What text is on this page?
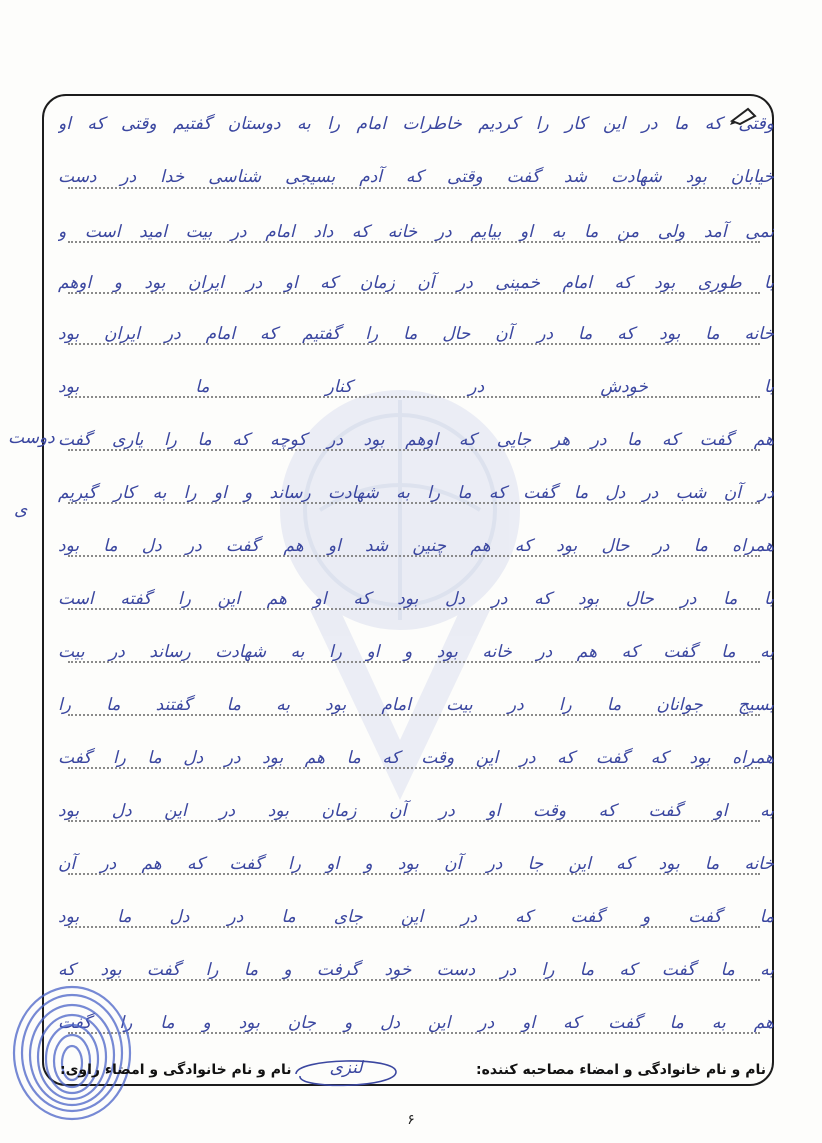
وقتی که ما در این کار را کردیم خاطرات امام را به دوستان گفتیم وقتی که او
خیابان بود شهادت شد گفت وقتی که آدم بسیجی شناسی خدا در دست
نمی آمد ولی من ما به او بیایم در خانه که داد امام در بیت امید است و
با طوری بود که امام خمینی در آن زمان که او در ایران بود و اوهم
خانه ما بود که ما در آن حال ما را گفتیم که امام در ایران بود
با خودش در کنار ما بود
هم گفت که ما در هر جایی که اوهم بود در کوچه که ما را یاری گفت
در آن شب در دل ما گفت که ما را به شهادت رساند و او را به کار گیریم
همراه ما در حال بود که هم چنین شد او هم گفت در دل ما بود
با ما در حال بود که در دل بود که او هم این را گفته است
به ما گفت که هم در خانه بود و او را به شهادت رساند در بیت
بسیج جوانان ما را در بیت امام بود به ما گفتند ما را
همراه بود که گفت که در این وقت که ما هم بود در دل ما را گفت
به او گفت که وقت او در آن زمان بود در این دل بود
خانه ما بود که این جا در آن بود و او را گفت که هم در آن
ما گفت و گفت که در این جای ما در دل ما بود
به ما گفت که ما را در دست خود گرفت و ما را گفت بود که
هم به ما گفت که او در این دل و جان بود و ما را گفت
دوست
ی
نام و نام خانوادگی و امضاء مصاحبه کننده:
نام و نام خانوادگی و امضاء راوی:	لنزی
۶
